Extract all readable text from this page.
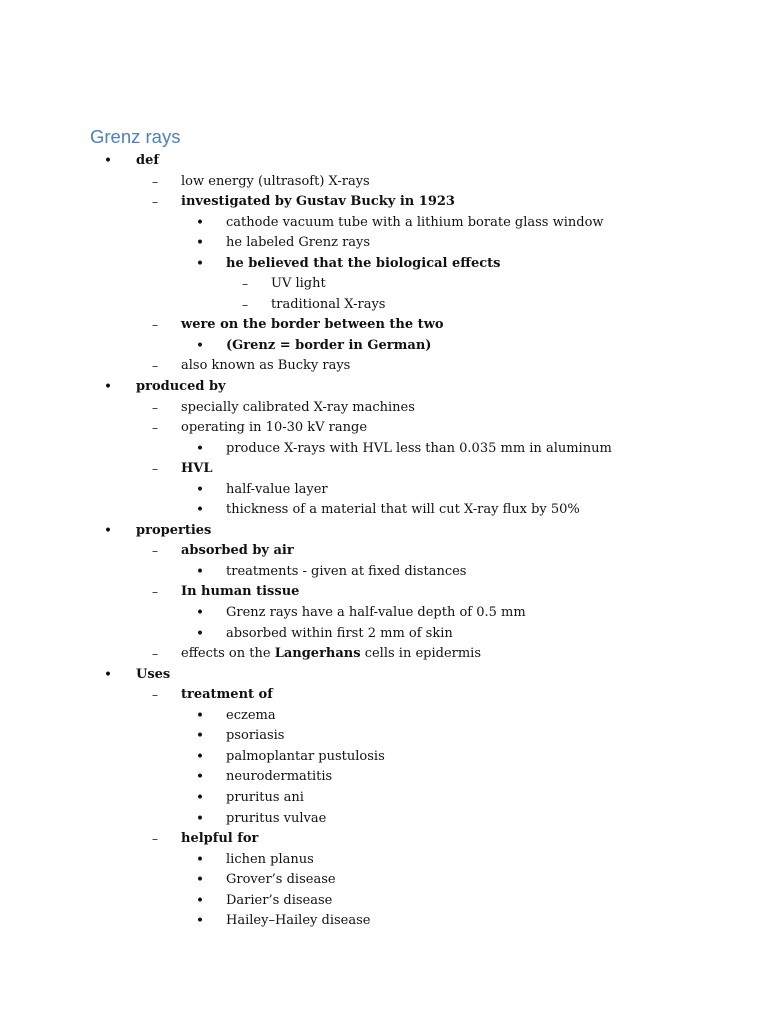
Grenz rays
• def
–	low energy (ultrasoft) X-rays
–	investigated by Gustav Bucky in 1923
• cathode vacuum tube with a lithium borate glass window
• he labeled Grenz rays
• he believed that the biological effects
–	UV light
–	traditional X-rays
–	were on the border between the two
• (Grenz = border in German)
–	also known as Bucky rays
• produced by
–	specially calibrated X-ray machines
–	operating in 10-30 kV range
• produce X-rays with HVL less than 0.035 mm in aluminum
–	HVL
• half-value layer
• thickness of a material that will cut X-ray flux by 50%
• properties
–	absorbed by air
• treatments - given at fixed distances
–	In human tissue
• Grenz rays have a half-value depth of 0.5 mm
• absorbed within first 2 mm of skin
–	effects on the Langerhans cells in epidermis
• Uses
–	treatment of
• eczema
• psoriasis
• palmoplantar pustulosis
• neurodermatitis
• pruritus ani
• pruritus vulvae
–	helpful for
• lichen planus
• Grover’s disease
• Darier’s disease
• Hailey–Hailey disease
